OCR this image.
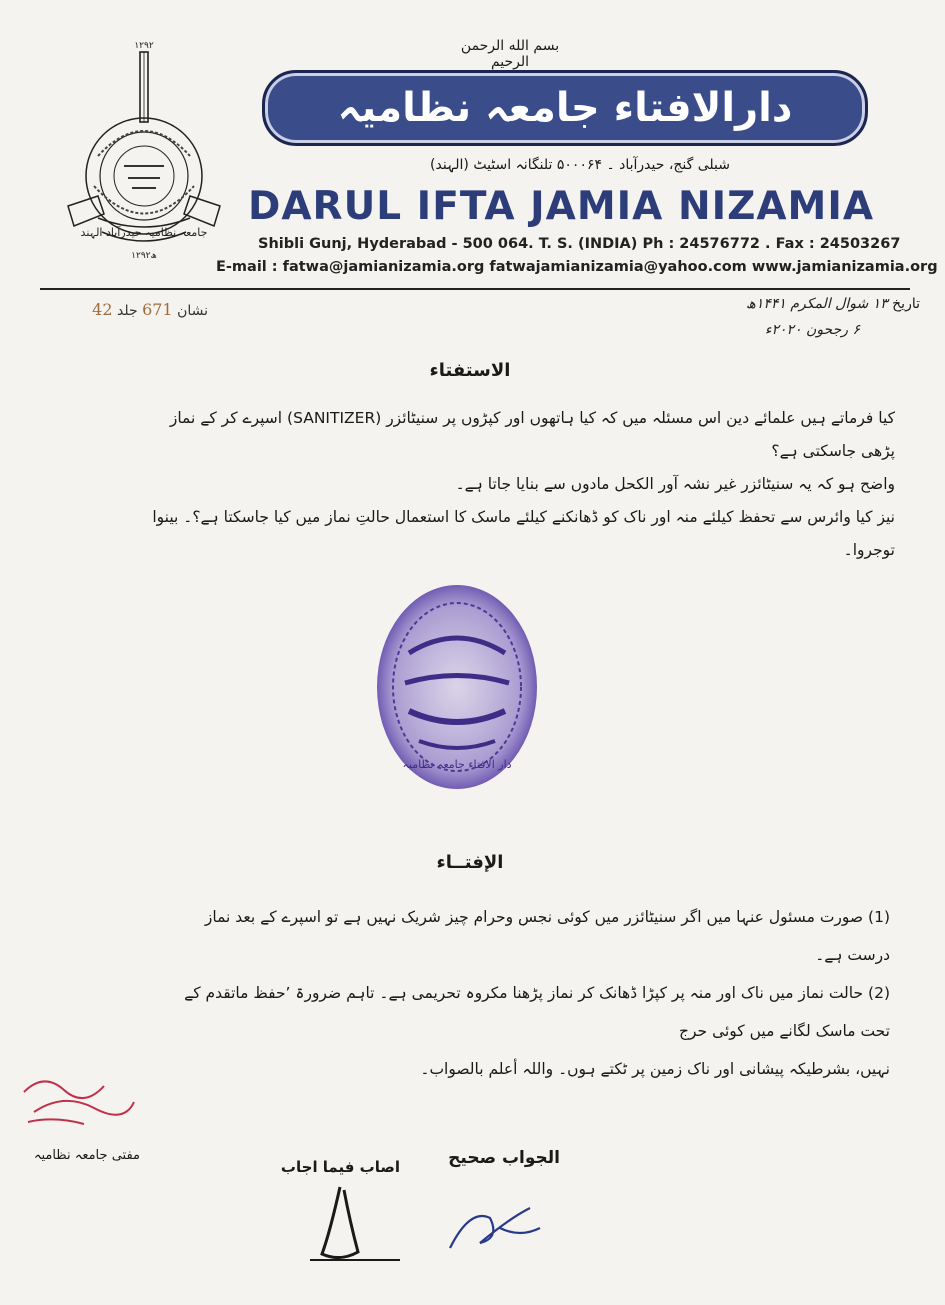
۱۲۹۲
جامعہ نظامیہ حیدرآباد الہند
۱۲۹۲ھ
بسم الله الرحمن الرحیم
دارالافتاء جامعہ نظامیہ
شبلی گنج، حیدرآباد ۔ ۵۰۰۰۶۴ تلنگانہ اسٹیٹ (الہند)
DARUL IFTA JAMIA NIZAMIA
Shibli Gunj, Hyderabad - 500 064. T. S. (INDIA) Ph : 24576772 . Fax : 24503267
E-mail : fatwa@jamianizamia.org fatwajamianizamia@yahoo.com www.jamianizamia.org
نشان 671 جلد 42	تاریخ ۱۳ شوال المکرم ۱۴۴۱ھ
۶ رجحون ۲۰۲۰ء
الاستفتاء
کیا فرماتے ہیں علمائے دین اس مسئلہ میں کہ کیا ہاتھوں اور کپڑوں پر سنیٹائزر (SANITIZER) اسپرے کر کے نماز پڑھی جاسکتی ہے؟
واضح ہو کہ یہ سنیٹائزر غیر نشہ آور الکحل مادوں سے بنایا جاتا ہے۔
نیز کیا وائرس سے تحفظ کیلئے منہ اور ناک کو ڈھانکنے کیلئے ماسک کا استعمال حالتِ نماز میں کیا جاسکتا ہے؟۔ بینوا توجروا۔
دار الافتاء جامعہ نظامیہ
الإفتــاء
(1) صورت مسئول عنہا میں اگر سنیٹائزر میں کوئی نجس وحرام چیز شریک نہیں ہے تو اسپرے کے بعد نماز درست ہے۔
(2) حالت نماز میں ناک اور منہ پر کپڑا ڈھانک کر نماز پڑھنا مکروہ تحریمی ہے۔ تاہم ضرورۃ ’حفظ ماتقدم کے تحت ماسک لگانے میں کوئی حرج
نہیں، بشرطیکہ پیشانی اور ناک زمین پر ٹکتے ہوں۔ واللہ أعلم بالصواب۔
مفتی جامعہ نظامیہ
اصاب فیما اجاب	الجواب صحیح
